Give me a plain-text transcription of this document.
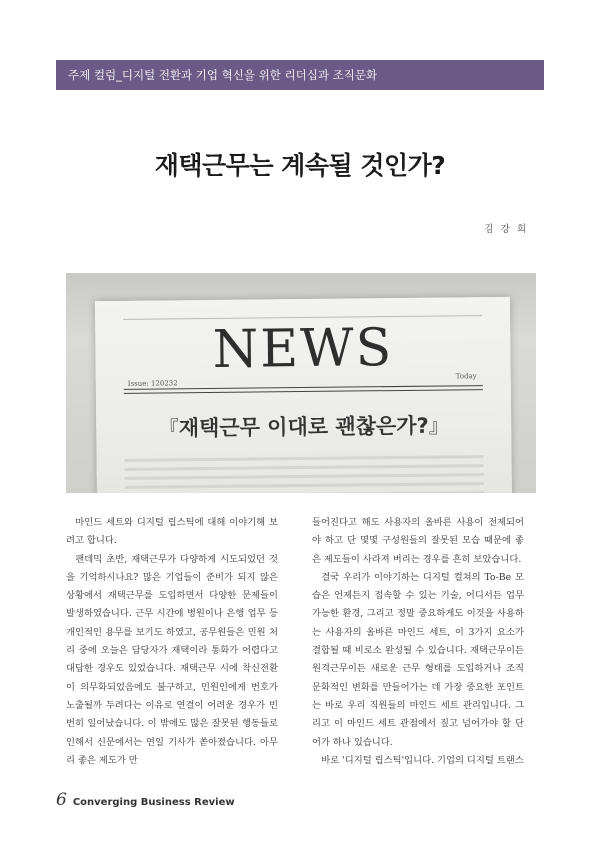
주제 컬럼_디지털 전환과 기업 혁신을 위한 리더십과 조직문화
재택근무는 계속될 것인가?
김 강 희
NEWS
Issue: 120232
Today
『재택근무 이대로 괜찮은가?』

마인드 세트와 디지털 립스틱에 대해 이야기해 보려고 합니다.

팬데믹 초반, 재택근무가 다양하게 시도되었던 것을 기억하시나요? 많은 기업들이 준비가 되지 않은 상황에서 재택근무를 도입하면서 다양한 문제들이 발생하였습니다. 근무 시간에 병원이나 은행 업무 등 개인적인 용무를 보기도 하였고, 공무원들은 민원 처리 중에 오늘은 담당자가 재택이라 통화가 어렵다고 대답한 경우도 있었습니다. 재택근무 시에 착신전환이 의무화되었음에도 불구하고, 민원인에게 번호가 노출될까 두려다는 이유로 연결이 어려운 경우가 빈번히 일어났습니다. 이 밖에도 많은 잘못된 행동들로 인해서 신문에서는 연일 기사가 쏟아졌습니다. 아무리 좋은 제도가 만

들어진다고 해도 사용자의 올바른 사용이 전제되어야 하고 단 몇몇 구성원들의 잘못된 모습 때문에 좋은 제도들이 사라져 버리는 경우를 흔히 보았습니다.

결국 우리가 이야기하는 디지털 컬쳐의 To-Be 모습은 언제든지 접속할 수 있는 기술, 어디서든 업무 가능한 환경, 그리고 정말 중요하게도 이것을 사용하는 사용자의 올바른 마인드 세트, 이 3가지 요소가 결합될 때 비로소 완성될 수 있습니다. 재택근무이든 원격근무이든 새로운 근무 형태를 도입하거나 조직문화적인 변화를 만들어가는 데 가장 중요한 포인트는 바로 우리 직원들의 마인드 세트 관리입니다. 그리고 이 마인드 세트 관점에서 짚고 넘어가야 할 단어가 하나 있습니다.

바로 '디지털 립스틱'입니다. 기업의 디지털 트랜스

6 Converging Business Review
